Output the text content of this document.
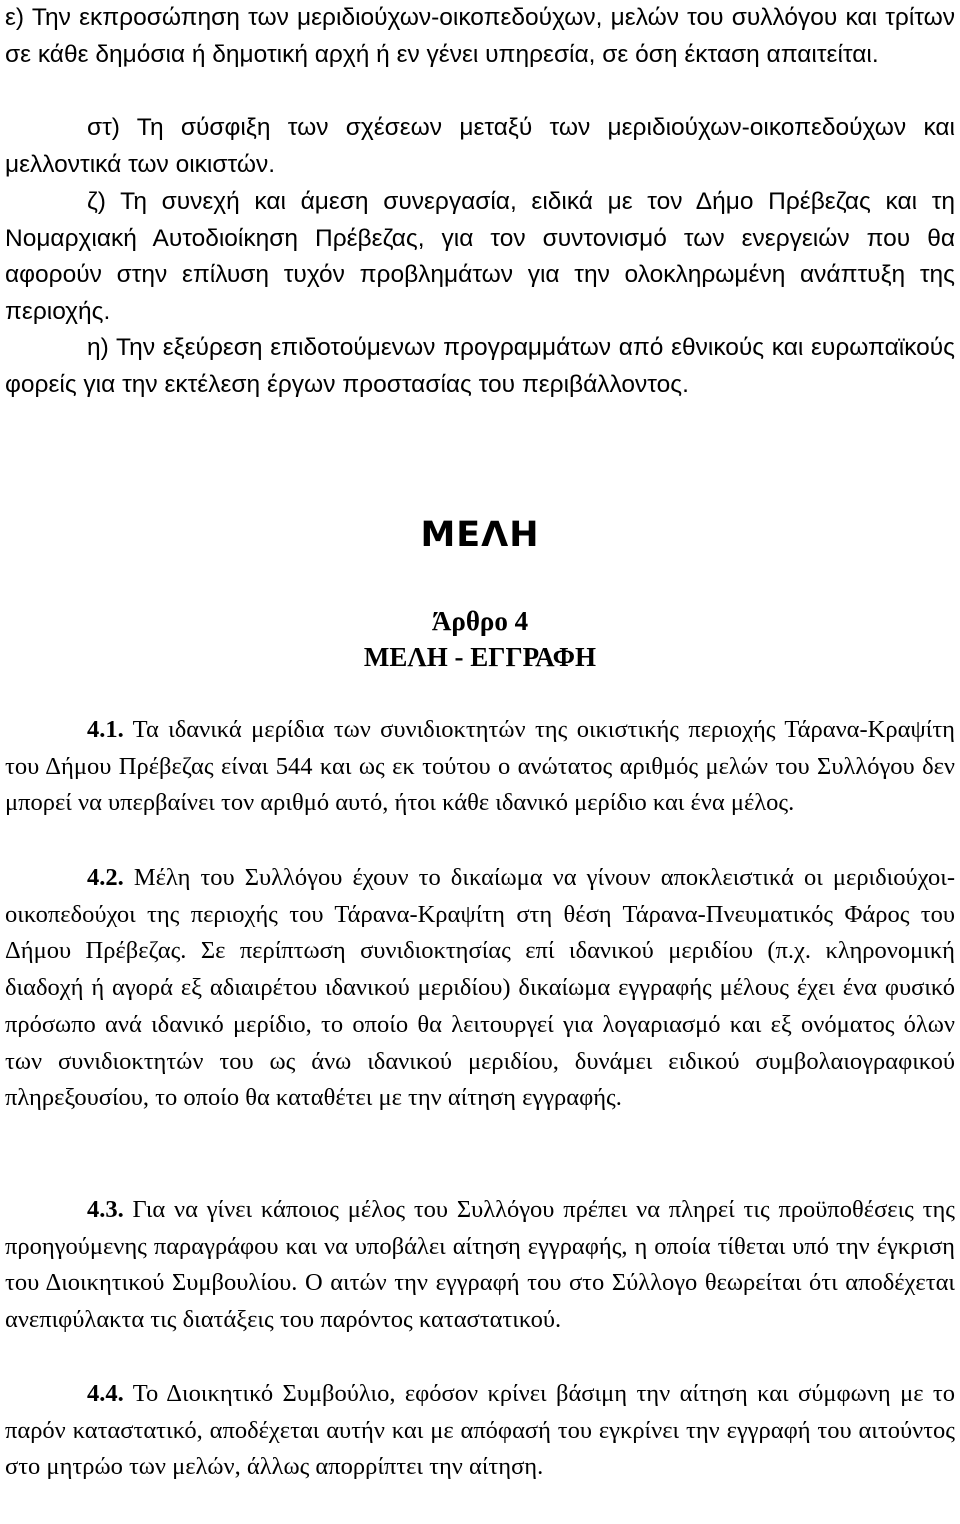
ε) Την εκπροσώπηση των μεριδιούχων-οικοπεδούχων, μελών του συλλόγου και τρίτων σε κάθε δημόσια ή δημοτική αρχή ή εν γένει υπηρεσία, σε όση έκταση απαιτείται.

στ) Τη σύσφιξη των σχέσεων μεταξύ των μεριδιούχων-οικοπεδούχων και μελλοντικά των οικιστών.

ζ) Τη συνεχή και άμεση συνεργασία, ειδικά με τον Δήμο Πρέβεζας και τη Νομαρχιακή Αυτοδιοίκηση Πρέβεζας, για τον συντονισμό των ενεργειών που θα αφορούν στην επίλυση τυχόν προβλημάτων για την ολοκληρωμένη ανάπτυξη της περιοχής.

η) Την εξεύρεση επιδοτούμενων προγραμμάτων από εθνικούς και ευρωπαϊκούς φορείς για την εκτέλεση έργων προστασίας του περιβάλλοντος.

ΜΕΛΗ
Άρθρο 4
ΜΕΛΗ - ΕΓΓΡΑΦΗ

4.1. Τα ιδανικά μερίδια των συνιδιοκτητών της οικιστικής περιοχής Τάρανα-Κραψίτη του Δήμου Πρέβεζας είναι 544 και ως εκ τούτου ο ανώτατος αριθμός μελών του Συλλόγου δεν μπορεί να υπερβαίνει τον αριθμό αυτό, ήτοι κάθε ιδανικό μερίδιο και ένα μέλος.

4.2. Μέλη του Συλλόγου έχουν το δικαίωμα να γίνουν αποκλειστικά οι μεριδιούχοι-οικοπεδούχοι της περιοχής του Τάρανα-Κραψίτη στη θέση Τάρανα-Πνευματικός Φάρος του Δήμου Πρέβεζας. Σε περίπτωση συνιδιοκτησίας επί ιδανικού μεριδίου (π.χ. κληρονομική διαδοχή ή αγορά εξ αδιαιρέτου ιδανικού μεριδίου) δικαίωμα εγγραφής μέλους έχει ένα φυσικό πρόσωπο ανά ιδανικό μερίδιο, το οποίο θα λειτουργεί για λογαριασμό και εξ ονόματος όλων των συνιδιοκτητών του ως άνω ιδανικού μεριδίου, δυνάμει ειδικού συμβολαιογραφικού πληρεξουσίου, το οποίο θα καταθέτει με την αίτηση εγγραφής.

4.3. Για να γίνει κάποιος μέλος του Συλλόγου πρέπει να πληρεί τις προϋποθέσεις της προηγούμενης παραγράφου και να υποβάλει αίτηση εγγραφής, η οποία τίθεται υπό την έγκριση του Διοικητικού Συμβουλίου. Ο αιτών την εγγραφή του στο Σύλλογο θεωρείται ότι αποδέχεται ανεπιφύλακτα τις διατάξεις του παρόντος καταστατικού.

4.4. Το Διοικητικό Συμβούλιο, εφόσον κρίνει βάσιμη την αίτηση και σύμφωνη με το παρόν καταστατικό, αποδέχεται αυτήν και με απόφασή του εγκρίνει την εγγραφή του αιτούντος στο μητρώο των μελών, άλλως απορρίπτει την αίτηση.
